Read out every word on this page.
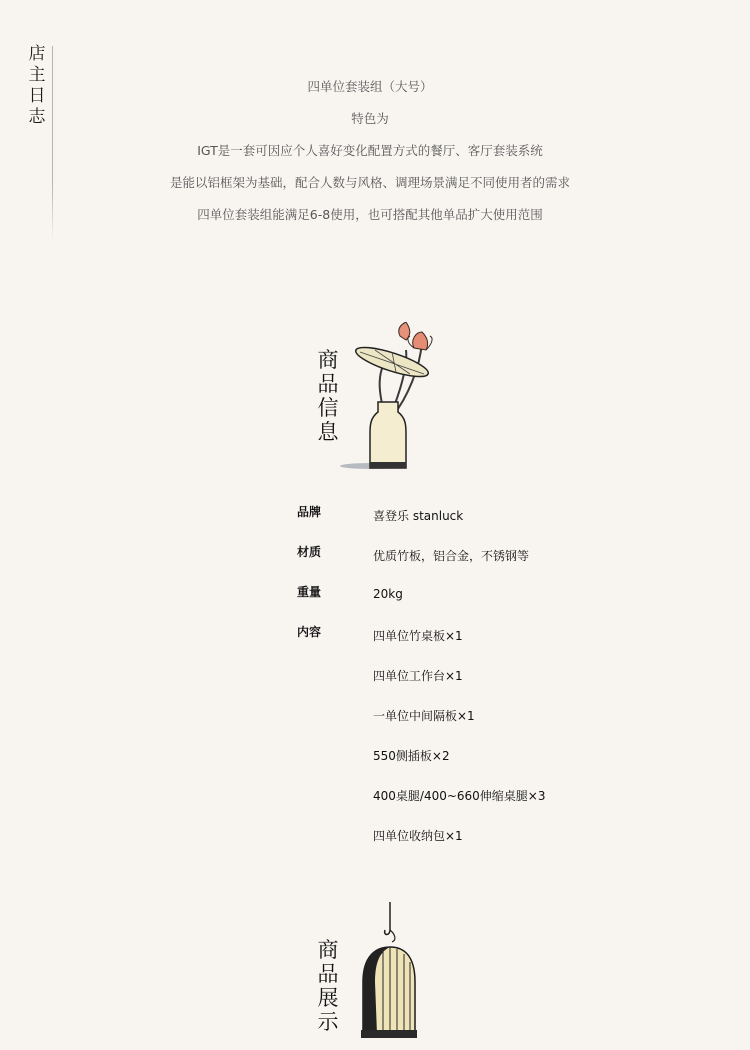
店
主
日
志

四单位套装组（大号）

特色为

IGT是一套可因应个人喜好变化配置方式的餐厅、客厅套装系统

是能以铝框架为基础，配合人数与风格、调理场景满足不同使用者的需求

四单位套装组能满足6-8使用，也可搭配其他单品扩大使用范围

商
品
信
息
品牌	喜登乐 stanluck
材质	优质竹板，铝合金，不锈钢等
重量	20kg
内容	四单位竹桌板×1
四单位工作台×1
一单位中间隔板×1
550侧插板×2
400桌腿/400~660伸缩桌腿×3
四单位收纳包×1
商
品
展
示
